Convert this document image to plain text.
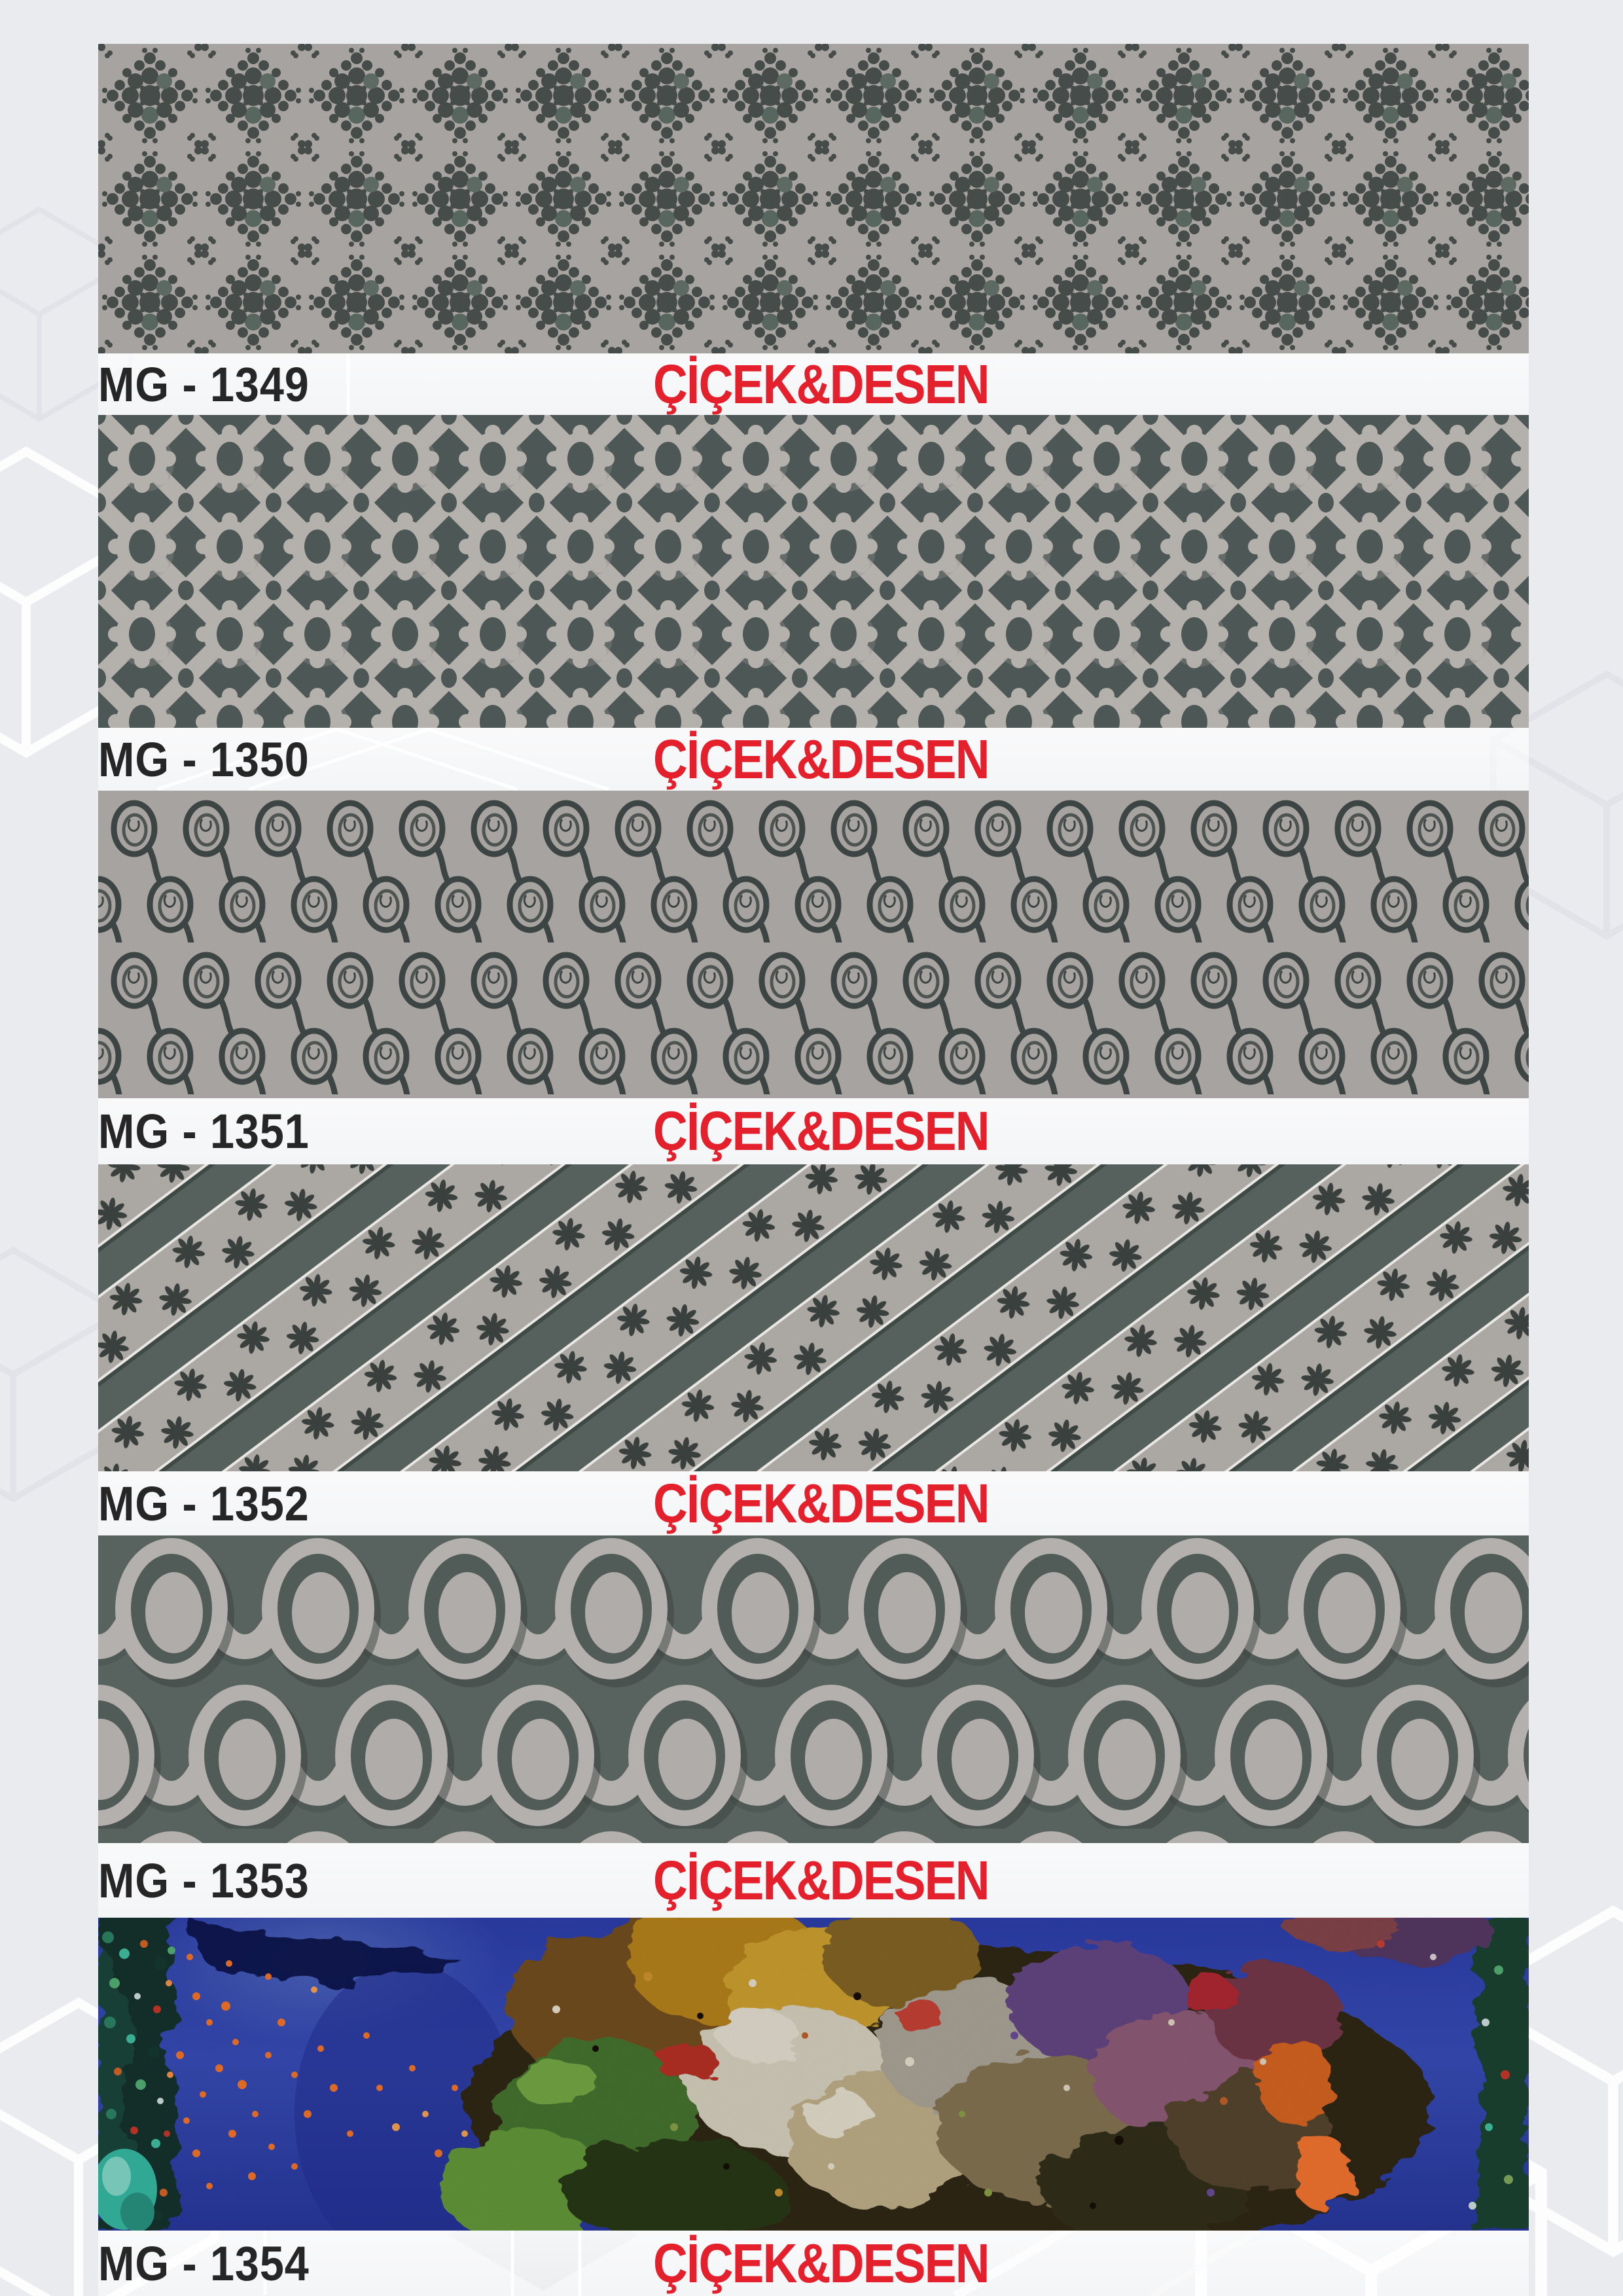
MG - 1349	ÇİÇEK&DESEN
MG - 1350	ÇİÇEK&DESEN
MG - 1351	ÇİÇEK&DESEN
MG - 1352	ÇİÇEK&DESEN
MG - 1353	ÇİÇEK&DESEN
MG - 1354	ÇİÇEK&DESEN
